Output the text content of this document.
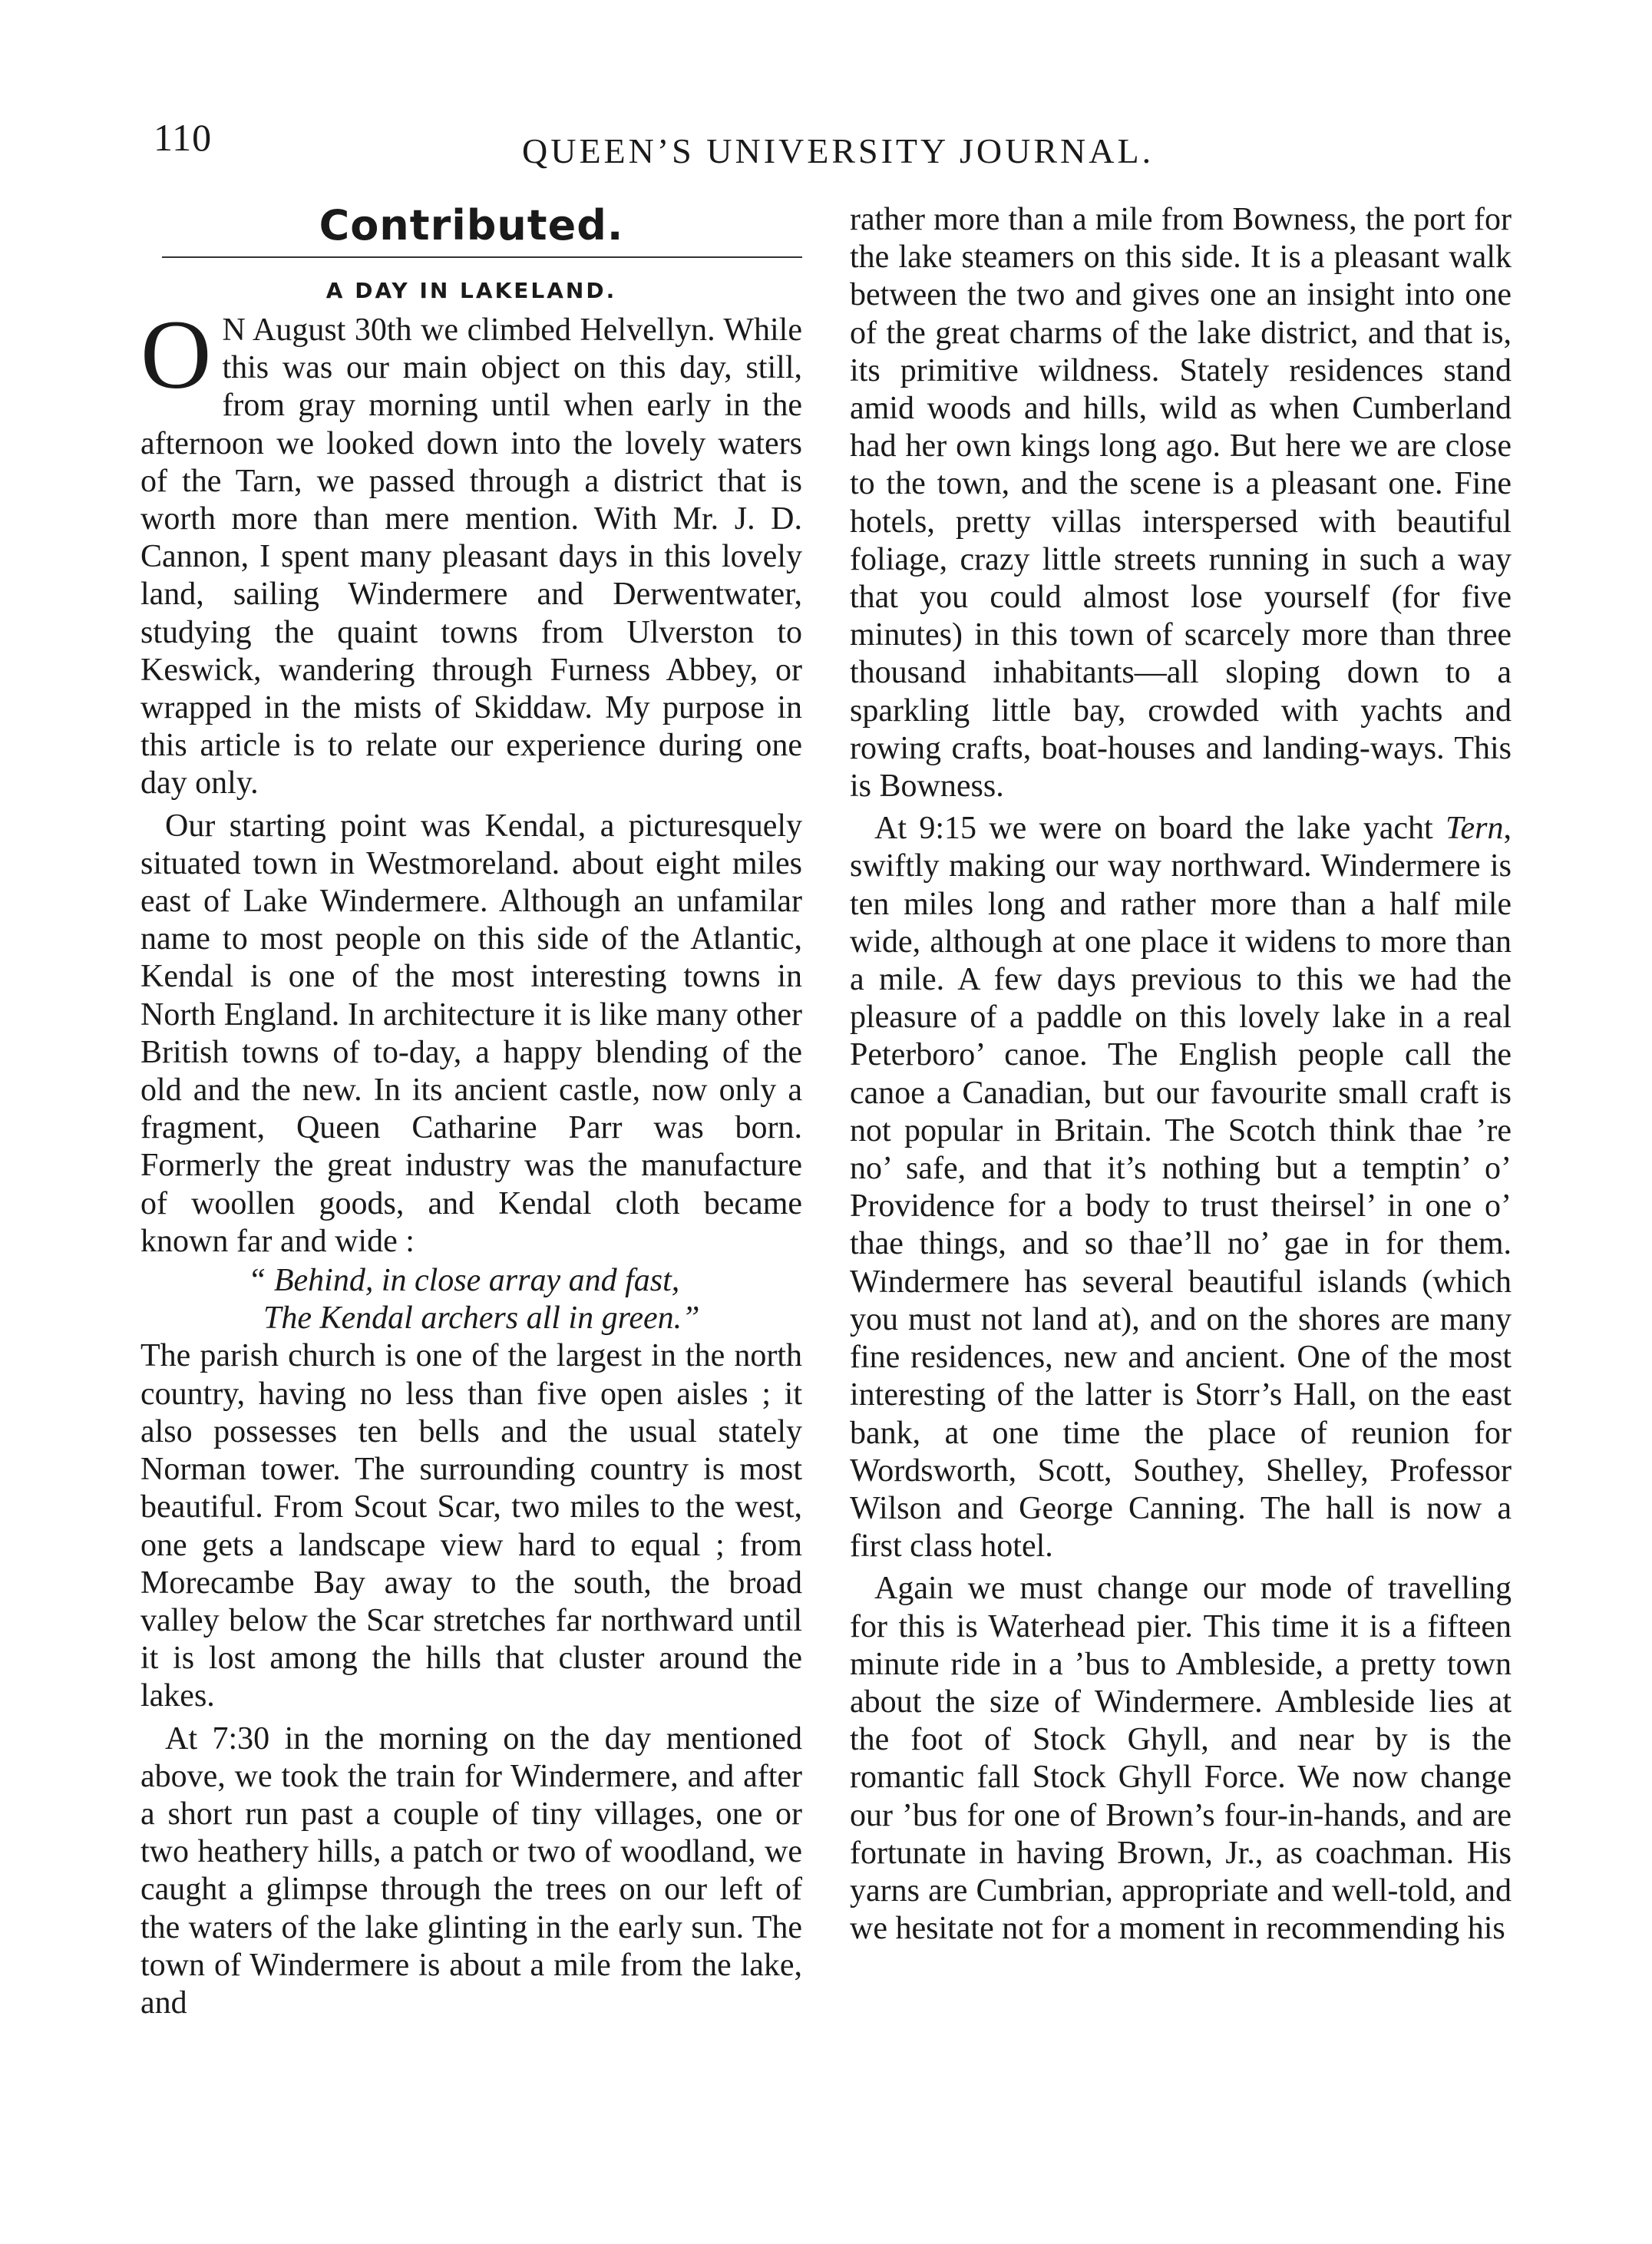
110	QUEEN’S UNIVERSITY JOURNAL.
Contributed.
A DAY IN LAKELAND.

O N August 30th we climbed Helvellyn. While this was our main object on this day, still, from gray morning until when early in the afternoon we looked down into the lovely waters of the Tarn, we passed through a district that is worth more than mere mention. With Mr. J. D. Cannon, I spent many pleasant days in this lovely land, sailing Windermere and Derwentwater, studying the quaint towns from Ulverston to Keswick, wandering through Furness Abbey, or wrapped in the mists of Skiddaw. My purpose in this article is to relate our experience during one day only.

Our starting point was Kendal, a picturesquely situated town in Westmoreland. about eight miles east of Lake Windermere. Although an unfamilar name to most people on this side of the Atlantic, Kendal is one of the most interesting towns in North England. In architecture it is like many other British towns of to-day, a happy blending of the old and the new. In its ancient castle, now only a fragment, Queen Catharine Parr was born. Formerly the great industry was the manufacture of woollen goods, and Kendal cloth became known far and wide :

“ Behind, in close array and fast,
The Kendal archers all in green.”

The parish church is one of the largest in the north country, having no less than five open aisles ; it also possesses ten bells and the usual stately Norman tower. The surrounding country is most beautiful. From Scout Scar, two miles to the west, one gets a landscape view hard to equal ; from Morecambe Bay away to the south, the broad valley below the Scar stretches far northward until it is lost among the hills that cluster around the lakes.

At 7:30 in the morning on the day mentioned above, we took the train for Windermere, and after a short run past a couple of tiny villages, one or two heathery hills, a patch or two of woodland, we caught a glimpse through the trees on our left of the waters of the lake glinting in the early sun. The town of Windermere is about a mile from the lake, and

rather more than a mile from Bowness, the port for the lake steamers on this side. It is a pleasant walk between the two and gives one an insight into one of the great charms of the lake district, and that is, its primitive wildness. Stately residences stand amid woods and hills, wild as when Cumberland had her own kings long ago. But here we are close to the town, and the scene is a pleasant one. Fine hotels, pretty villas interspersed with beautiful foliage, crazy little streets running in such a way that you could almost lose yourself (for five minutes) in this town of scarcely more than three thousand inhabitants—all sloping down to a sparkling little bay, crowded with yachts and rowing crafts, boat-houses and landing-ways. This is Bowness.

At 9:15 we were on board the lake yacht Tern, swiftly making our way northward. Windermere is ten miles long and rather more than a half mile wide, although at one place it widens to more than a mile. A few days previous to this we had the pleasure of a paddle on this lovely lake in a real Peterboro’ canoe. The English people call the canoe a Canadian, but our favourite small craft is not popular in Britain. The Scotch think thae ’re no’ safe, and that it’s nothing but a temptin’ o’ Providence for a body to trust theirsel’ in one o’ thae things, and so thae’ll no’ gae in for them. Windermere has several beautiful islands (which you must not land at), and on the shores are many fine residences, new and ancient. One of the most interesting of the latter is Storr’s Hall, on the east bank, at one time the place of reunion for Wordsworth, Scott, Southey, Shelley, Professor Wilson and George Canning. The hall is now a first class hotel.

Again we must change our mode of travelling for this is Waterhead pier. This time it is a fifteen minute ride in a ’bus to Ambleside, a pretty town about the size of Windermere. Ambleside lies at the foot of Stock Ghyll, and near by is the romantic fall Stock Ghyll Force. We now change our ’bus for one of Brown’s four-in-hands, and are fortunate in having Brown, Jr., as coachman. His yarns are Cumbrian, appropriate and well-told, and we hesitate not for a moment in recommending his
